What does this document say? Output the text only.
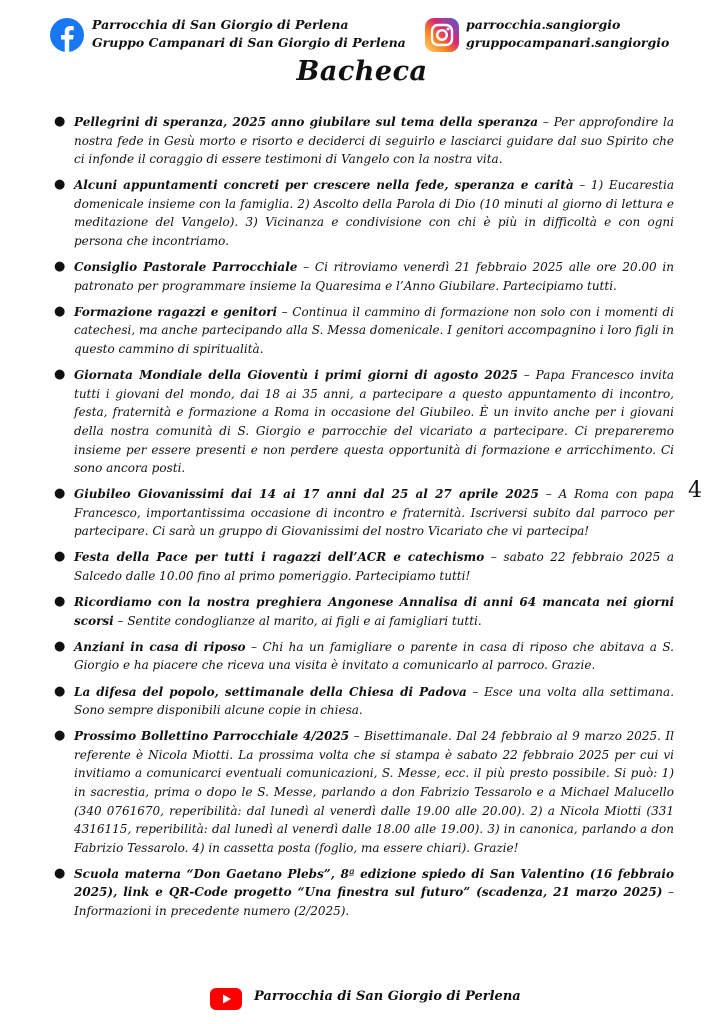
Parrocchia di San Giorgio di Perlena
Gruppo Campanari di San Giorgio di Perlena
parrocchia.sangiorgio
gruppocampanari.sangiorgio
Bacheca
● Pellegrini di speranza, 2025 anno giubilare sul tema della speranza – Per approfondire la nostra fede in Gesù morto e risorto e deciderci di seguirlo e lasciarci guidare dal suo Spirito che ci infonde il coraggio di essere testimoni di Vangelo con la nostra vita.
● Alcuni appuntamenti concreti per crescere nella fede, speranza e carità – 1) Eucarestia domenicale insieme con la famiglia. 2) Ascolto della Parola di Dio (10 minuti al giorno di lettura e meditazione del Vangelo). 3) Vicinanza e condivisione con chi è più in difficoltà e con ogni persona che incontriamo.
● Consiglio Pastorale Parrocchiale – Ci ritroviamo venerdì 21 febbraio 2025 alle ore 20.00 in patronato per programmare insieme la Quaresima e l’Anno Giubilare. Partecipiamo tutti.
● Formazione ragazzi e genitori – Continua il cammino di formazione non solo con i momenti di catechesi, ma anche partecipando alla S. Messa domenicale. I genitori accompagnino i loro figli in questo cammino di spiritualità.
● Giornata Mondiale della Gioventù i primi giorni di agosto 2025 – Papa Francesco invita tutti i giovani del mondo, dai 18 ai 35 anni, a partecipare a questo appuntamento di incontro, festa, fraternità e formazione a Roma in occasione del Giubileo. È un invito anche per i giovani della nostra comunità di S. Giorgio e parrocchie del vicariato a partecipare. Ci prepareremo insieme per essere presenti e non perdere questa opportunità di formazione e arricchimento. Ci sono ancora posti.
● Giubileo Giovanissimi dai 14 ai 17 anni dal 25 al 27 aprile 2025 – A Roma con papa Francesco, importantissima occasione di incontro e fraternità. Iscriversi subito dal parroco per partecipare. Ci sarà un gruppo di Giovanissimi del nostro Vicariato che vi partecipa!
● Festa della Pace per tutti i ragazzi dell’ACR e catechismo – sabato 22 febbraio 2025 a Salcedo dalle 10.00 fino al primo pomeriggio. Partecipiamo tutti!
● Ricordiamo con la nostra preghiera Angonese Annalisa di anni 64 mancata nei giorni scorsi – Sentite condoglianze al marito, ai figli e ai famigliari tutti.
● Anziani in casa di riposo – Chi ha un famigliare o parente in casa di riposo che abitava a S. Giorgio e ha piacere che riceva una visita è invitato a comunicarlo al parroco. Grazie.
● La difesa del popolo, settimanale della Chiesa di Padova – Esce una volta alla settimana. Sono sempre disponibili alcune copie in chiesa.
● Prossimo Bollettino Parrocchiale 4/2025 – Bisettimanale. Dal 24 febbraio al 9 marzo 2025. Il referente è Nicola Miotti. La prossima volta che si stampa è sabato 22 febbraio 2025 per cui vi invitiamo a comunicarci eventuali comunicazioni, S. Messe, ecc. il più presto possibile. Si può: 1) in sacrestia, prima o dopo le S. Messe, parlando a don Fabrizio Tessarolo e a Michael Malucello (340 0761670, reperibilità: dal lunedì al venerdì dalle 19.00 alle 20.00). 2) a Nicola Miotti (331 4316115, reperibilità: dal lunedì al venerdì dalle 18.00 alle 19.00). 3) in canonica, parlando a don Fabrizio Tessarolo. 4) in cassetta posta (foglio, ma essere chiari). Grazie!
● Scuola materna “Don Gaetano Plebs”, 8ª edizione spiedo di San Valentino (16 febbraio 2025), link e QR-Code progetto “Una finestra sul futuro” (scadenza, 21 marzo 2025) – Informazioni in precedente numero (2/2025).
4
Parrocchia di San Giorgio di Perlena
